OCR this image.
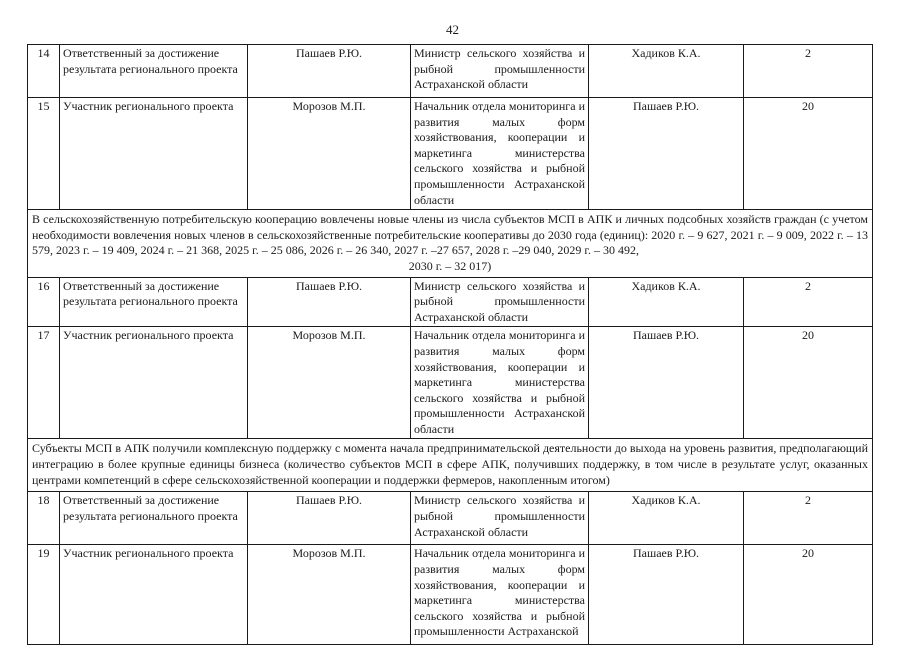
42
14	Ответственный за достижение результата регионального проекта	Пашаев Р.Ю.	Министр сельского хозяйства и рыбной промышленности Астраханской области	Хадиков К.А.	2
15	Участник регионального проекта	Морозов М.П.	Начальник отдела мониторинга и развития малых форм хозяйствования, кооперации и маркетинга министерства сельского хозяйства и рыбной промышленности Астраханской области	Пашаев Р.Ю.	20
В сельскохозяйственную потребительскую кооперацию вовлечены новые члены из числа субъектов МСП в АПК и личных подсобных хозяйств граждан (с учетом необходимости вовлечения новых членов в сельскохозяйственные потребительские кооперативы до 2030 года (единиц): 2020 г. – 9 627, 2021 г. – 9 009, 2022 г. – 13 579, 2023 г. – 19 409, 2024 г. – 21 368, 2025 г. – 25 086, 2026 г. – 26 340, 2027 г. –27 657, 2028 г. –29 040, 2029 г. – 30 492,
2030 г. – 32 017)					

16	Ответственный за достижение результата регионального проекта	Пашаев Р.Ю.	Министр сельского хозяйства и рыбной промышленности Астраханской области	Хадиков К.А.	2
17	Участник регионального проекта	Морозов М.П.	Начальник отдела мониторинга и развития малых форм хозяйствования, кооперации и маркетинга министерства сельского хозяйства и рыбной промышленности Астраханской области	Пашаев Р.Ю.	20
Субъекты МСП в АПК получили комплексную поддержку с момента начала предпринимательской деятельности до выхода на уровень развития, предполагающий интеграцию в более крупные единицы бизнеса (количество субъектов МСП в сфере АПК, получивших поддержку, в том числе в результате услуг, оказанных центрами компетенций в сфере сельскохозяйственной кооперации и поддержки фермеров, накопленным итогом)					
18	Ответственный за достижение результата регионального проекта	Пашаев Р.Ю.	Министр сельского хозяйства и рыбной промышленности Астраханской области	Хадиков К.А.	2
19	Участник регионального проекта	Морозов М.П.	Начальник отдела мониторинга и развития малых форм хозяйствования, кооперации и маркетинга министерства сельского хозяйства и рыбной промышленности Астраханской	Пашаев Р.Ю.	20
